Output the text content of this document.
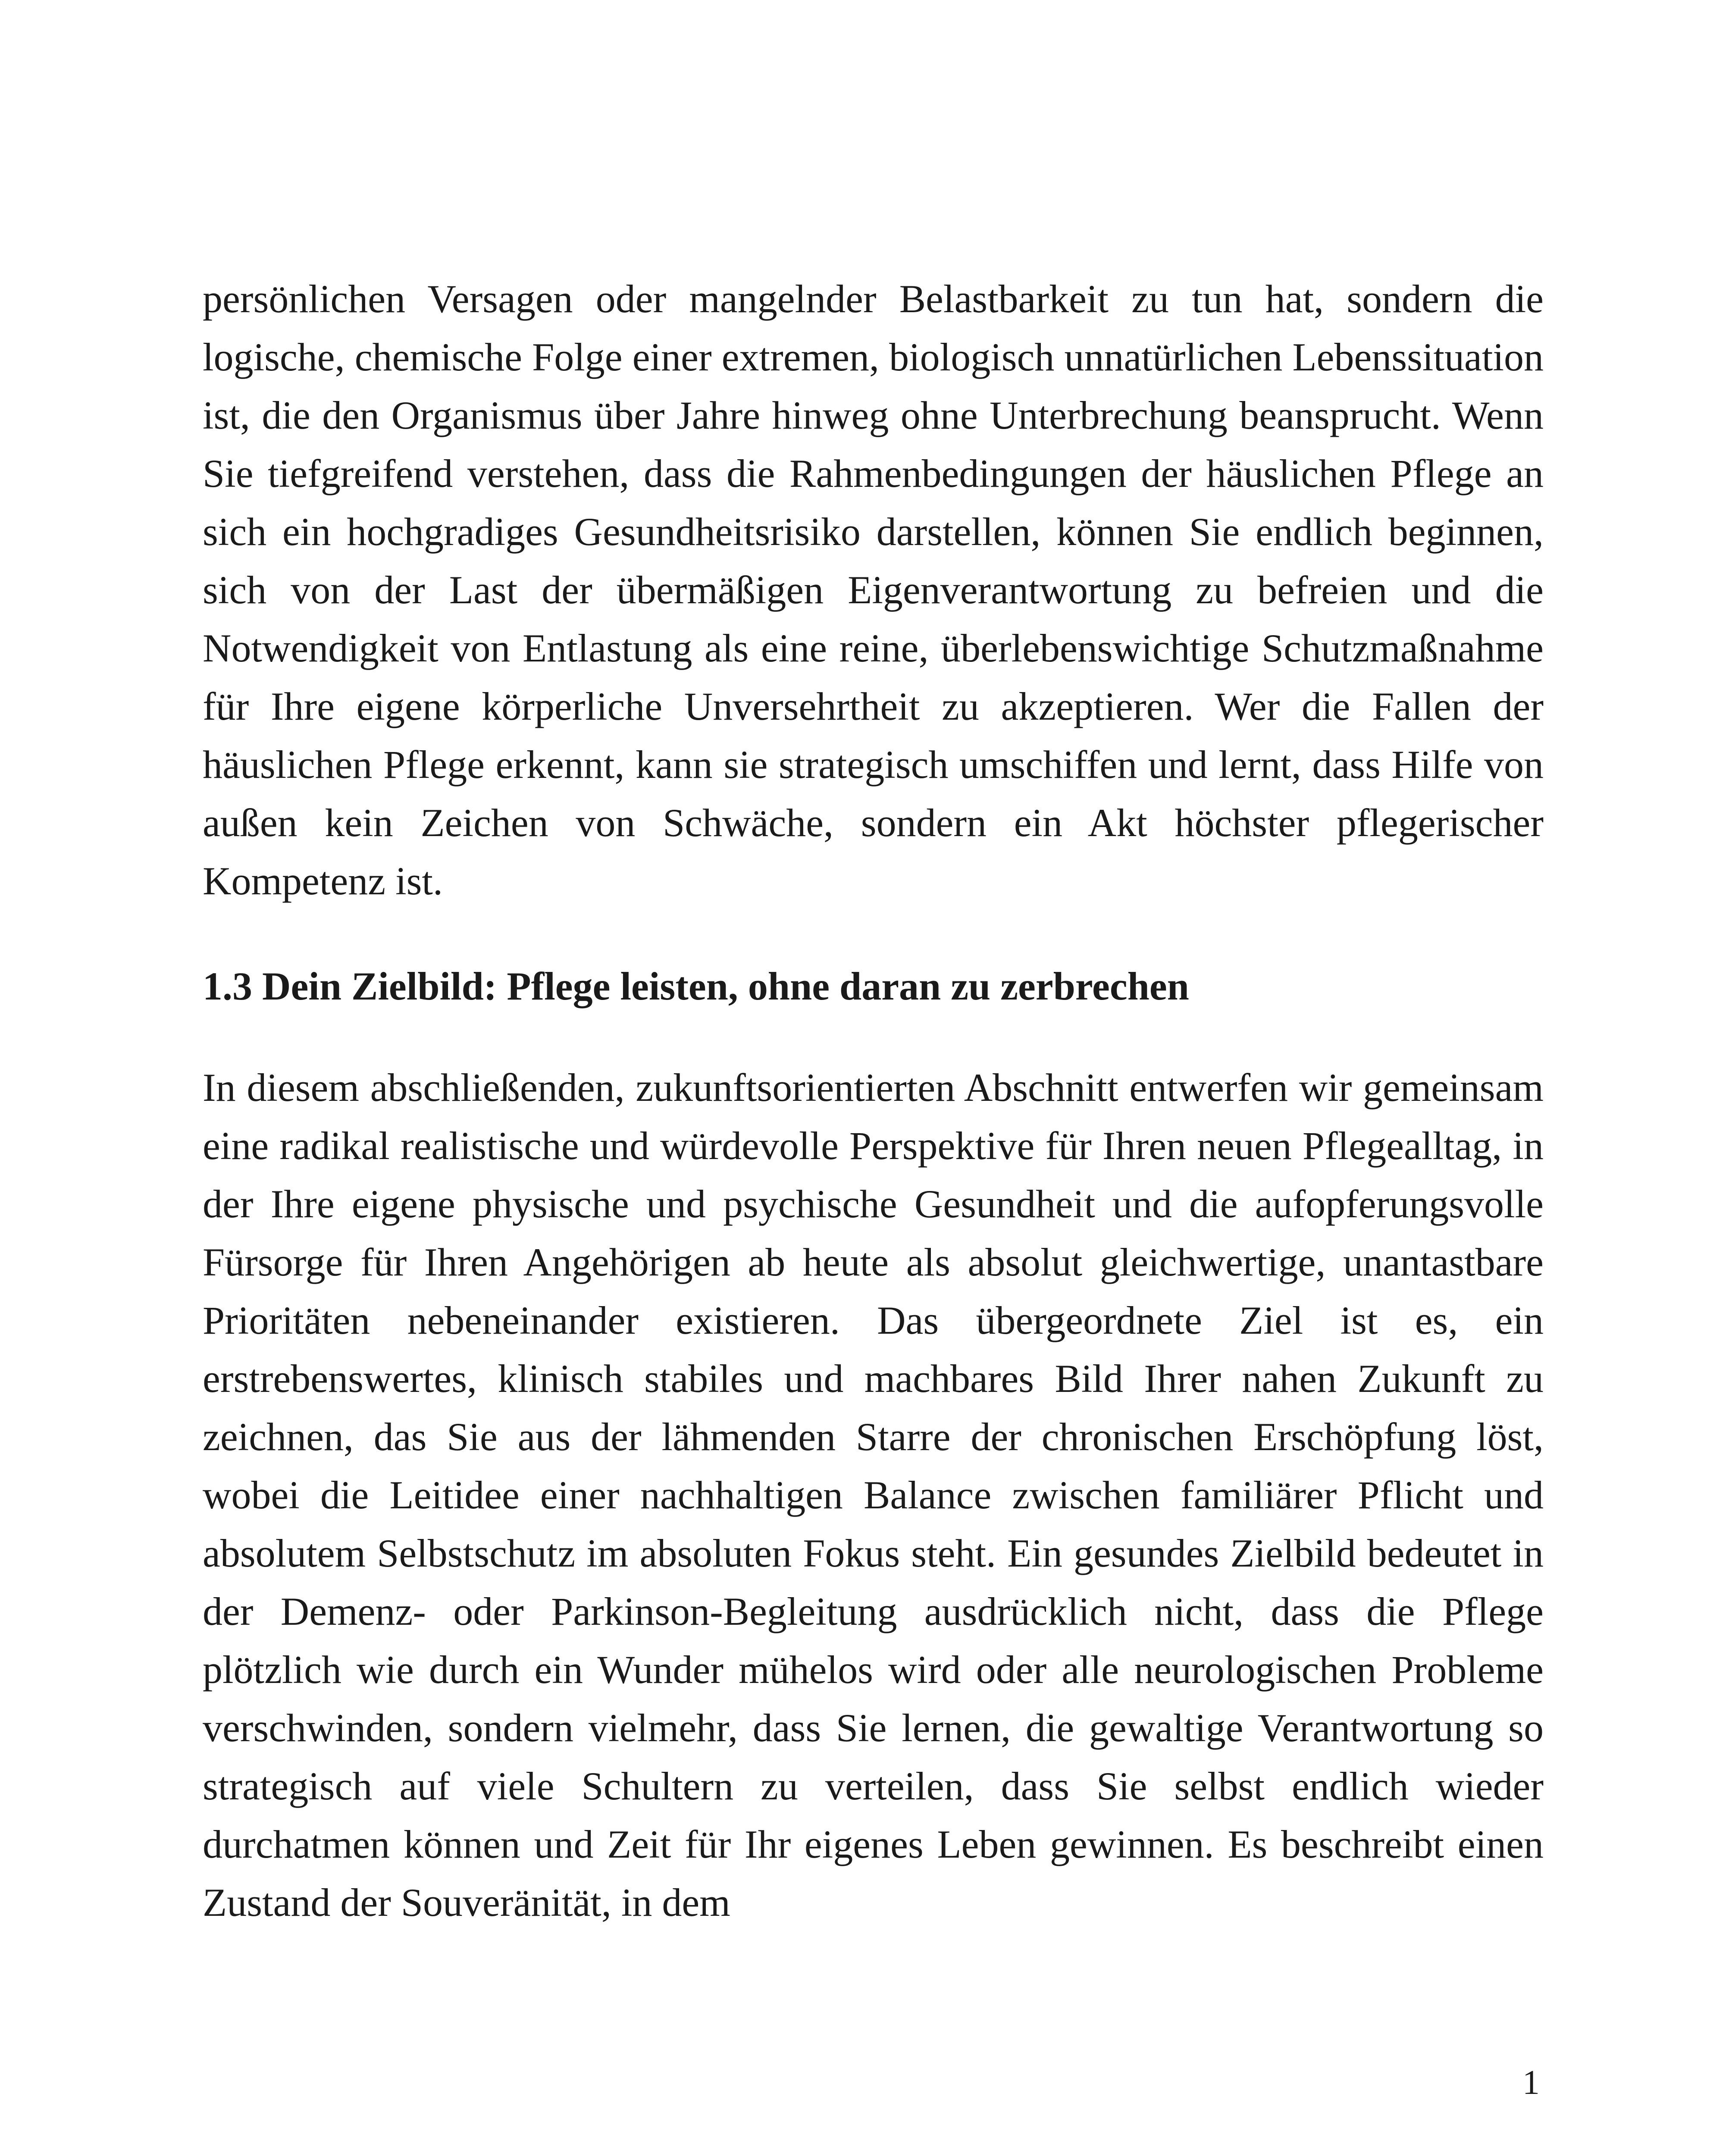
persönlichen Versagen oder mangelnder Belastbarkeit zu tun hat, sondern die logische, chemische Folge einer extremen, biologisch unnatürlichen Lebenssituation ist, die den Organismus über Jahre hinweg ohne Unterbrechung beansprucht. Wenn Sie tiefgreifend verstehen, dass die Rahmenbedingungen der häuslichen Pflege an sich ein hochgradiges Gesundheitsrisiko darstellen, können Sie endlich beginnen, sich von der Last der übermäßigen Eigenverantwortung zu befreien und die Notwendigkeit von Entlastung als eine reine, überlebenswichtige Schutzmaßnahme für Ihre eigene körperliche Unversehrtheit zu akzeptieren. Wer die Fallen der häuslichen Pflege erkennt, kann sie strategisch umschiffen und lernt, dass Hilfe von außen kein Zeichen von Schwäche, sondern ein Akt höchster pflegerischer Kompetenz ist.

1.3 Dein Zielbild: Pflege leisten, ohne daran zu zerbrechen

In diesem abschließenden, zukunftsorientierten Abschnitt entwerfen wir gemeinsam eine radikal realistische und würdevolle Perspektive für Ihren neuen Pflegealltag, in der Ihre eigene physische und psychische Gesundheit und die aufopferungsvolle Fürsorge für Ihren Angehörigen ab heute als absolut gleichwertige, unantastbare Prioritäten nebeneinander existieren. Das übergeordnete Ziel ist es, ein erstrebenswertes, klinisch stabiles und machbares Bild Ihrer nahen Zukunft zu zeichnen, das Sie aus der lähmenden Starre der chronischen Erschöpfung löst, wobei die Leitidee einer nachhaltigen Balance zwischen familiärer Pflicht und absolutem Selbstschutz im absoluten Fokus steht. Ein gesundes Zielbild bedeutet in der Demenz- oder Parkinson-Begleitung ausdrücklich nicht, dass die Pflege plötzlich wie durch ein Wunder mühelos wird oder alle neurologischen Probleme verschwinden, sondern vielmehr, dass Sie lernen, die gewaltige Verantwortung so strategisch auf viele Schultern zu verteilen, dass Sie selbst endlich wieder durchatmen können und Zeit für Ihr eigenes Leben gewinnen. Es beschreibt einen Zustand der Souveränität, in dem

1
